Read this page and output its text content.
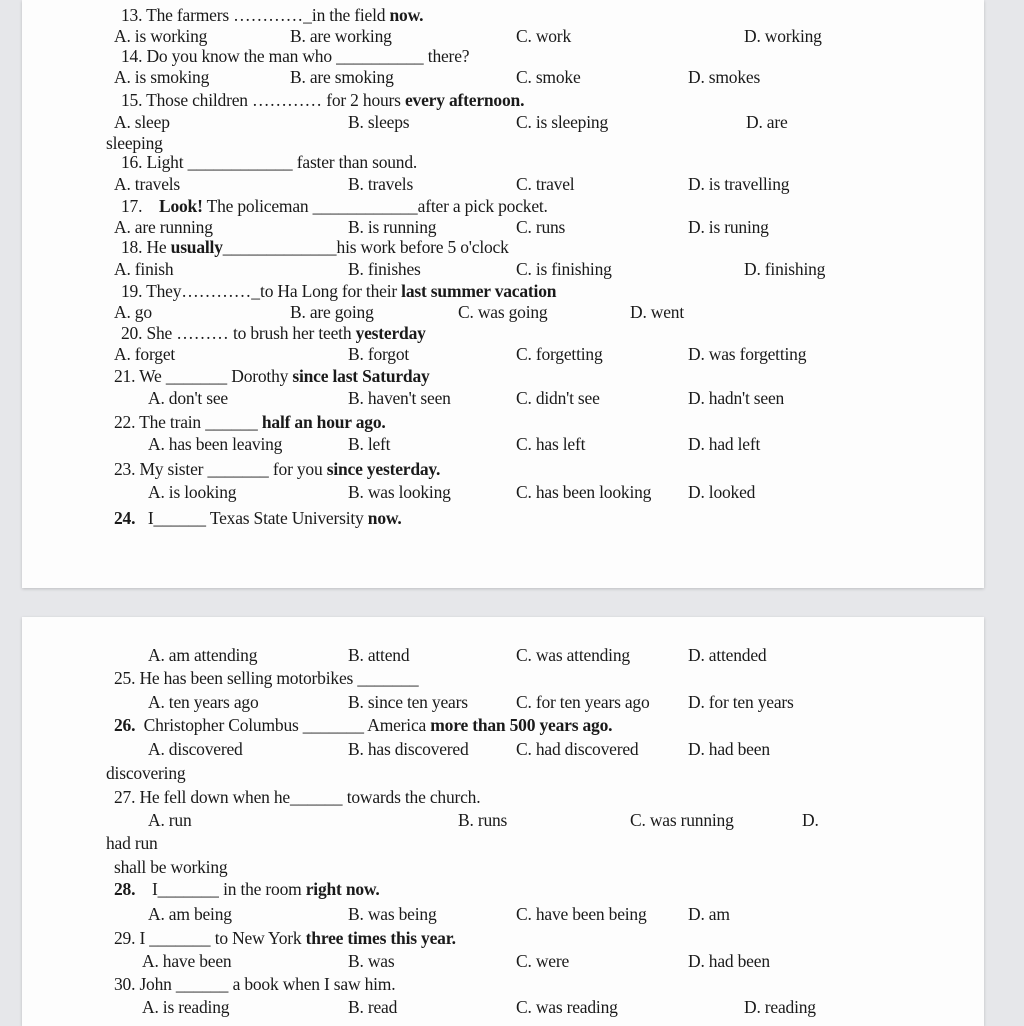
13. The farmers …………_in the field now.
A. is working	B. are working	C. work	D. working
14. Do you know the man who __________ there?
A. is smoking	B. are smoking	C. smoke	D. smokes
15. Those children ………… for 2 hours every afternoon.
A. sleep	B. sleeps	C. is sleeping	D. are
sleeping
16. Light ____________ faster than sound.
A. travels	B. travels	C. travel	D. is travelling
17. Look! The policeman ____________after a pick pocket.
A. are running	B. is running	C. runs	D. is runing
18. He usually_____________his work before 5 o'clock
A. finish	B. finishes	C. is finishing	D. finishing
19. They…………_to Ha Long for their last summer vacation
A. go	B. are going	C. was going	D. went
20. She ……… to brush her teeth yesterday
A. forget	B. forgot	C. forgetting	D. was forgetting
21. We _______ Dorothy since last Saturday
A. don't see	B. haven't seen	C. didn't see	D. hadn't seen
22. The train ______ half an hour ago.
A. has been leaving	B. left	C. has left	D. had left
23. My sister _______ for you since yesterday.
A. is looking	B. was looking	C. has been looking D. looked
24. I______ Texas State University now.
A. am attending	B. attend	C. was attending	D. attended
25. He has been selling motorbikes _______
A. ten years ago	B. since ten years	C. for ten years ago D. for ten years
26. Christopher Columbus _______ America more than 500 years ago.
A. discovered	B. has discovered	C. had discovered	D. had been
discovering
27. He fell down when he______ towards the church.
A. run	B. runs	C. was running	D.
had run
shall be working
28. I_______ in the room right now.
A. am being	B. was being	C. have been being D. am
29. I _______ to New York three times this year.
A. have been	B. was	C. were	D. had been
30. John ______ a book when I saw him.
A. is reading	B. read	C. was reading	D. reading
